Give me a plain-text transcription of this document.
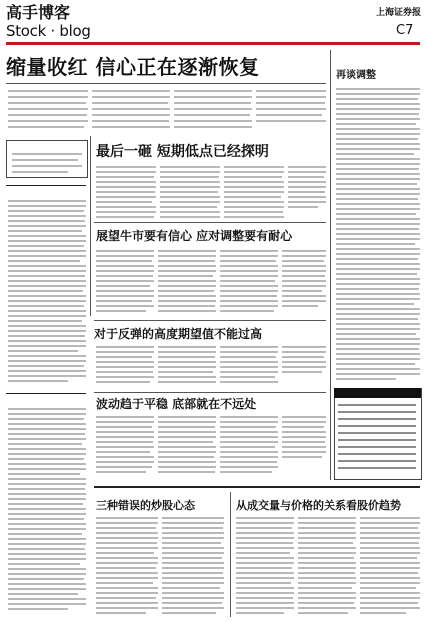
高手博客
Stock · blog
上海证券报
C7
缩量收红 信心正在逐渐恢复
最后一砸 短期低点已经探明
展望牛市要有信心 应对调整要有耐心
对于反弹的高度期望值不能过高
波动趋于平稳 底部就在不远处
再谈调整
三种错误的炒股心态	从成交量与价格的关系看股价趋势
